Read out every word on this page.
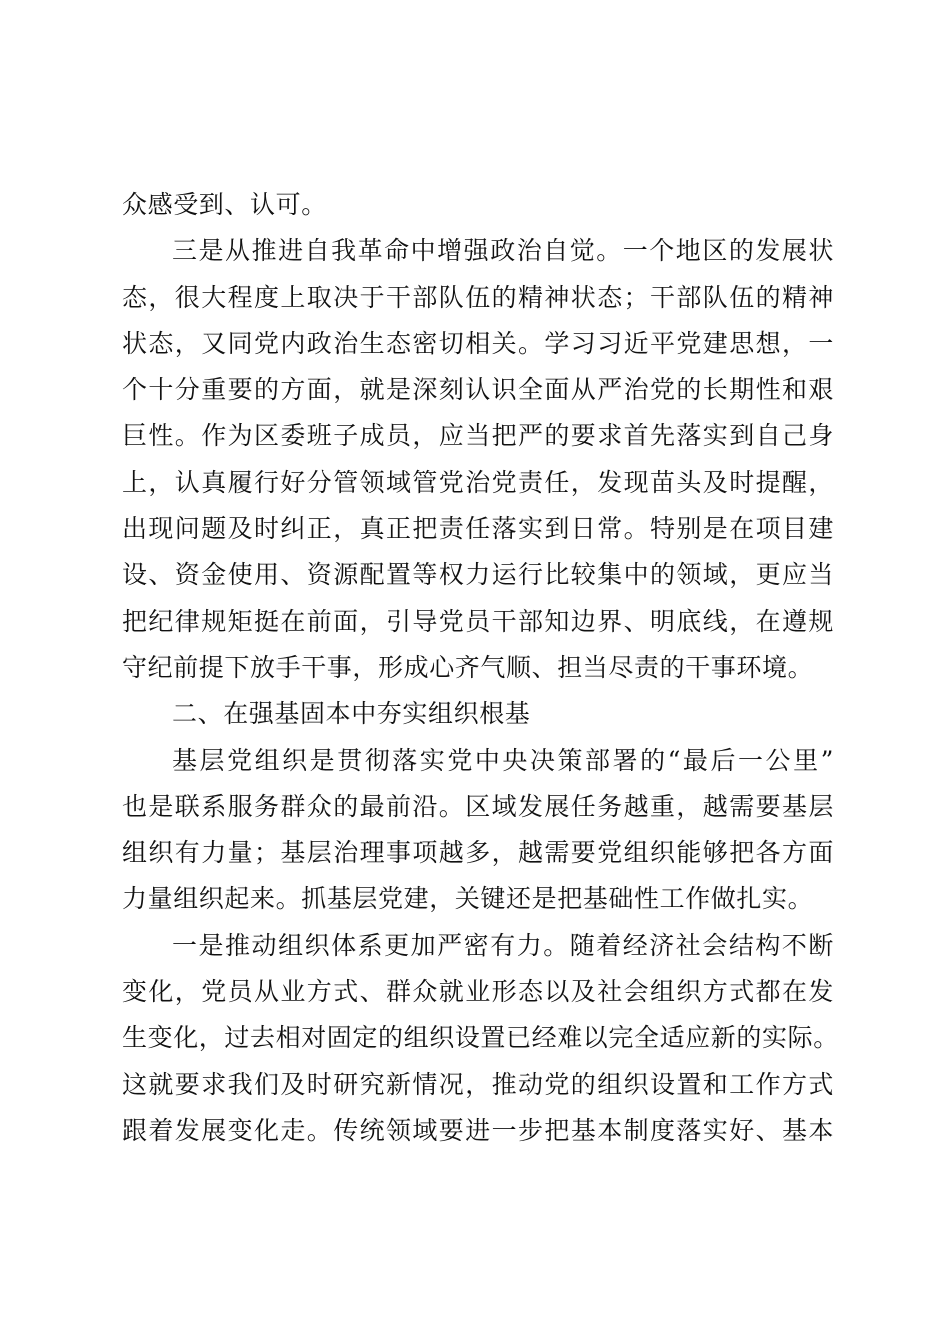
众感受到、认可。
三是从推进自我革命中增强政治自觉。一个地区的发展状
态，很大程度上取决于干部队伍的精神状态；干部队伍的精神
状态，又同党内政治生态密切相关。学习习近平党建思想，一
个十分重要的方面，就是深刻认识全面从严治党的长期性和艰
巨性。作为区委班子成员，应当把严的要求首先落实到自己身
上，认真履行好分管领域管党治党责任，发现苗头及时提醒，
出现问题及时纠正，真正把责任落实到日常。特别是在项目建
设、资金使用、资源配置等权力运行比较集中的领域，更应当
把纪律规矩挺在前面，引导党员干部知边界、明底线，在遵规
守纪前提下放手干事，形成心齐气顺、担当尽责的干事环境。
二、在强基固本中夯实组织根基
基层党组织是贯彻落实党中央决策部署的“最后一公里”
也是联系服务群众的最前沿。区域发展任务越重，越需要基层
组织有力量；基层治理事项越多，越需要党组织能够把各方面
力量组织起来。抓基层党建，关键还是把基础性工作做扎实。
一是推动组织体系更加严密有力。随着经济社会结构不断
变化，党员从业方式、群众就业形态以及社会组织方式都在发
生变化，过去相对固定的组织设置已经难以完全适应新的实际。
这就要求我们及时研究新情况，推动党的组织设置和工作方式
跟着发展变化走。传统领域要进一步把基本制度落实好、基本
